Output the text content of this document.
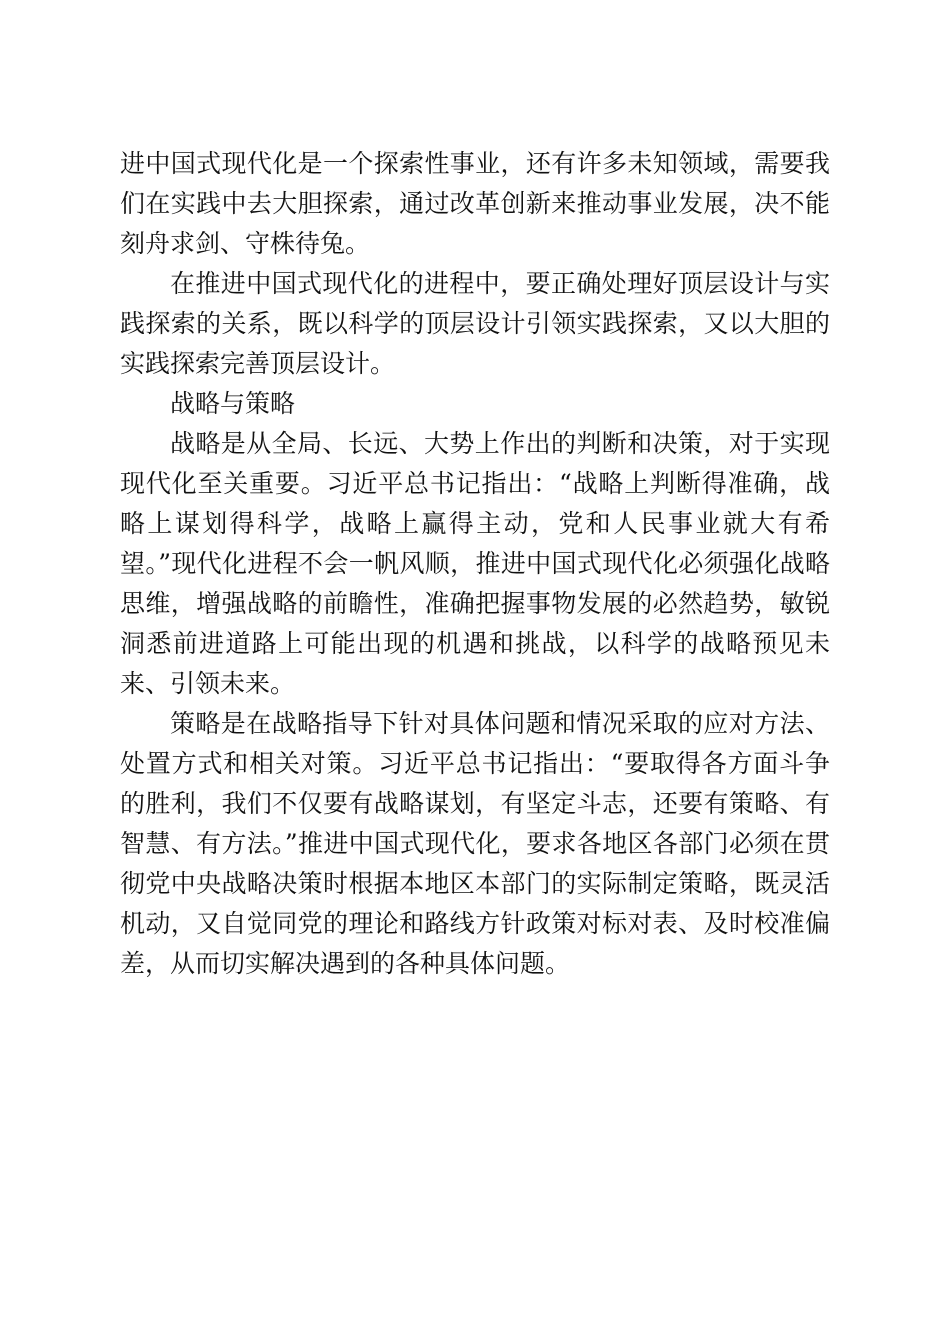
进中国式现代化是一个探索性事业，还有许多未知领域，需要我们在实践中去大胆探索，通过改革创新来推动事业发展，决不能刻舟求剑、守株待兔。

在推进中国式现代化的进程中，要正确处理好顶层设计与实践探索的关系，既以科学的顶层设计引领实践探索，又以大胆的实践探索完善顶层设计。

战略与策略

战略是从全局、长远、大势上作出的判断和决策，对于实现现代化至关重要。习近平总书记指出：“战略上判断得准确，战略上谋划得科学，战略上赢得主动，党和人民事业就大有希望。”现代化进程不会一帆风顺，推进中国式现代化必须强化战略思维，增强战略的前瞻性，准确把握事物发展的必然趋势，敏锐洞悉前进道路上可能出现的机遇和挑战，以科学的战略预见未来、引领未来。

策略是在战略指导下针对具体问题和情况采取的应对方法、处置方式和相关对策。习近平总书记指出：“要取得各方面斗争的胜利，我们不仅要有战略谋划，有坚定斗志，还要有策略、有智慧、有方法。”推进中国式现代化，要求各地区各部门必须在贯彻党中央战略决策时根据本地区本部门的实际制定策略，既灵活机动，又自觉同党的理论和路线方针政策对标对表、及时校准偏差，从而切实解决遇到的各种具体问题。
